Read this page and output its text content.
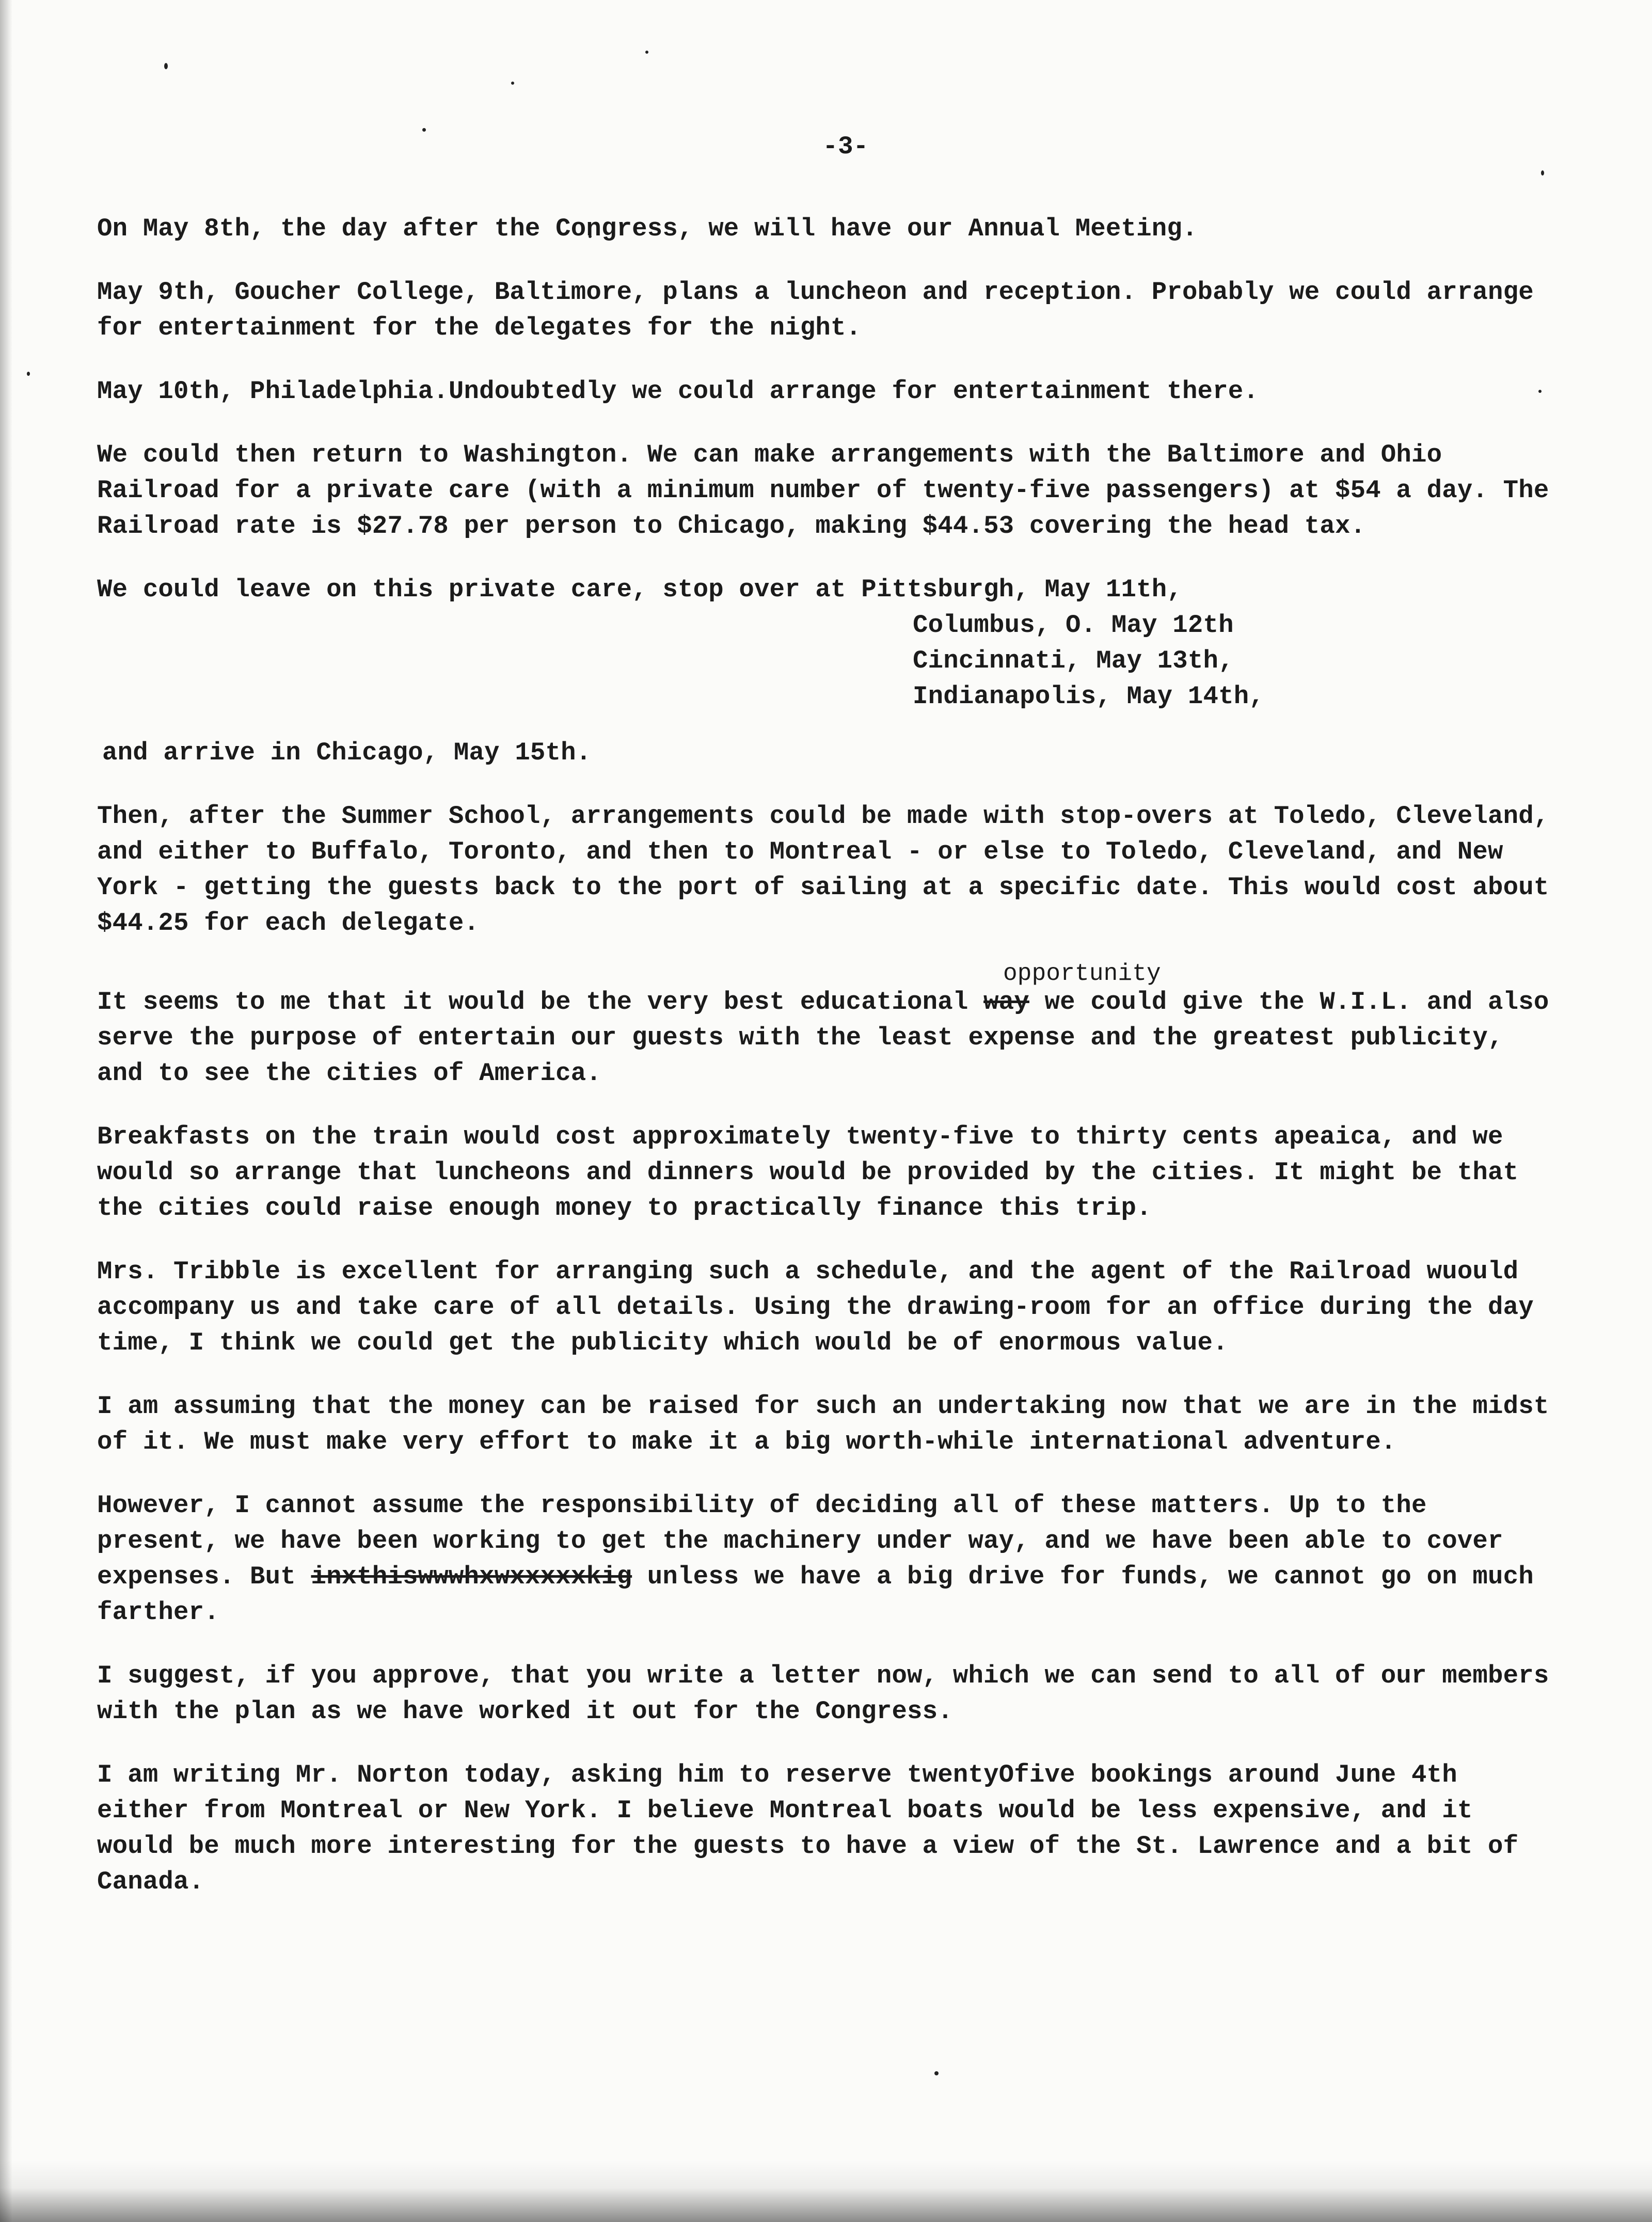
-3-

On May 8th, the day after the Congress, we will have our Annual Meeting.

May 9th, Goucher College, Baltimore, plans a luncheon and reception. Probably we could arrange for entertainment for the delegates for the night.

May 10th, Philadelphia.Undoubtedly we could arrange for entertainment there.

We could then return to Washington. We can make arrangements with the Baltimore and Ohio Railroad for a private care (with a minimum number of twenty-five passengers) at $54 a day. The Railroad rate is $27.78 per person to Chicago, making $44.53 covering the head tax.

We could leave on this private care, stop over at Pittsburgh, May 11th,

Columbus, O. May 12th
Cincinnati, May 13th,
Indianapolis, May 14th,

and arrive in Chicago, May 15th.

Then, after the Summer School, arrangements could be made with stop-overs at Toledo, Cleveland, and either to Buffalo, Toronto, and then to Montreal - or else to Toledo, Cleveland, and New York - getting the guests back to the port of sailing at a specific date. This would cost about $44.25 for each delegate.

opportunity

It seems to me that it would be the very best educational way we could give the W.I.L. and also serve the purpose of entertain our guests with the least expense and the greatest publicity, and to see the cities of America.

Breakfasts on the train would cost approximately twenty-five to thirty cents apeaica, and we would so arrange that luncheons and dinners would be provided by the cities. It might be that the cities could raise enough money to practically finance this trip.

Mrs. Tribble is excellent for arranging such a schedule, and the agent of the Railroad wuould accompany us and take care of all details. Using the drawing-room for an office during the day time, I think we could get the publicity which would be of enormous value.

I am assuming that the money can be raised for such an undertaking now that we are in the midst of it. We must make very effort to make it a big worth-while international adventure.

However, I cannot assume the responsibility of deciding all of these matters. Up to the present, we have been working to get the machinery under way, and we have been able to cover expenses. But inxthiswwwhxwxxxxxkig unless we have a big drive for funds, we cannot go on much farther.

I suggest, if you approve, that you write a letter now, which we can send to all of our members with the plan as we have worked it out for the Congress.

I am writing Mr. Norton today, asking him to reserve twentyOfive bookings around June 4th either from Montreal or New York. I believe Montreal boats would be less expensive, and it would be much more interesting for the guests to have a view of the St. Lawrence and a bit of Canada.
